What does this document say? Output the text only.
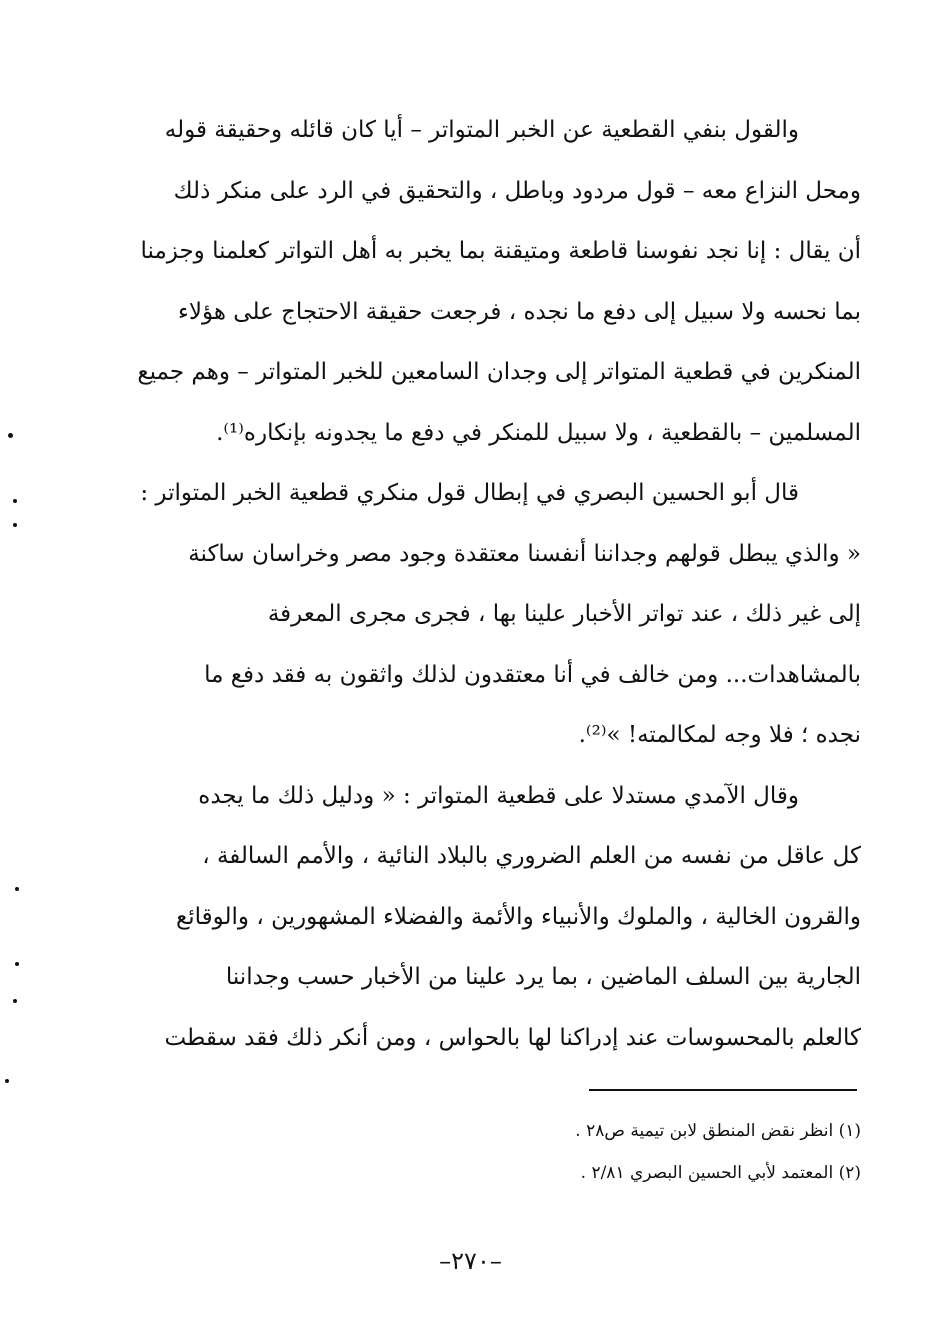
والقول بنفي القطعية عن الخبر المتواتر – أيا كان قائله وحقيقة قوله
ومحل النزاع معه – قول مردود وباطل ، والتحقيق في الرد على منكر ذلك
أن يقال : إنا نجد نفوسنا قاطعة ومتيقنة بما يخبر به أهل التواتر كعلمنا وجزمنا
بما نحسه ولا سبيل إلى دفع ما نجده ، فرجعت حقيقة الاحتجاج على هؤلاء
المنكرين في قطعية المتواتر إلى وجدان السامعين للخبر المتواتر – وهم جميع
المسلمين – بالقطعية ، ولا سبيل للمنكر في دفع ما يجدونه بإنكاره⁽¹⁾.
قال أبو الحسين البصري في إبطال قول منكري قطعية الخبر المتواتر :
« والذي يبطل قولهم وجداننا أنفسنا معتقدة وجود مصر وخراسان ساكنة
إلى غير ذلك ، عند تواتر الأخبار علينا بها ، فجرى مجرى المعرفة
بالمشاهدات... ومن خالف في أنا معتقدون لذلك واثقون به فقد دفع ما
نجده ؛ فلا وجه لمكالمته! »⁽²⁾.
وقال الآمدي مستدلا على قطعية المتواتر : « ودليل ذلك ما يجده
كل عاقل من نفسه من العلم الضروري بالبلاد النائية ، والأمم السالفة ،
والقرون الخالية ، والملوك والأنبياء والأئمة والفضلاء المشهورين ، والوقائع
الجارية بين السلف الماضين ، بما يرد علينا من الأخبار حسب وجداننا
كالعلم بالمحسوسات عند إدراكنا لها بالحواس ، ومن أنكر ذلك فقد سقطت
(١) انظر نقض المنطق لابن تيمية ص٢٨ .
(٢) المعتمد لأبي الحسين البصري ٢/٨١ .
–٢٧٠–
